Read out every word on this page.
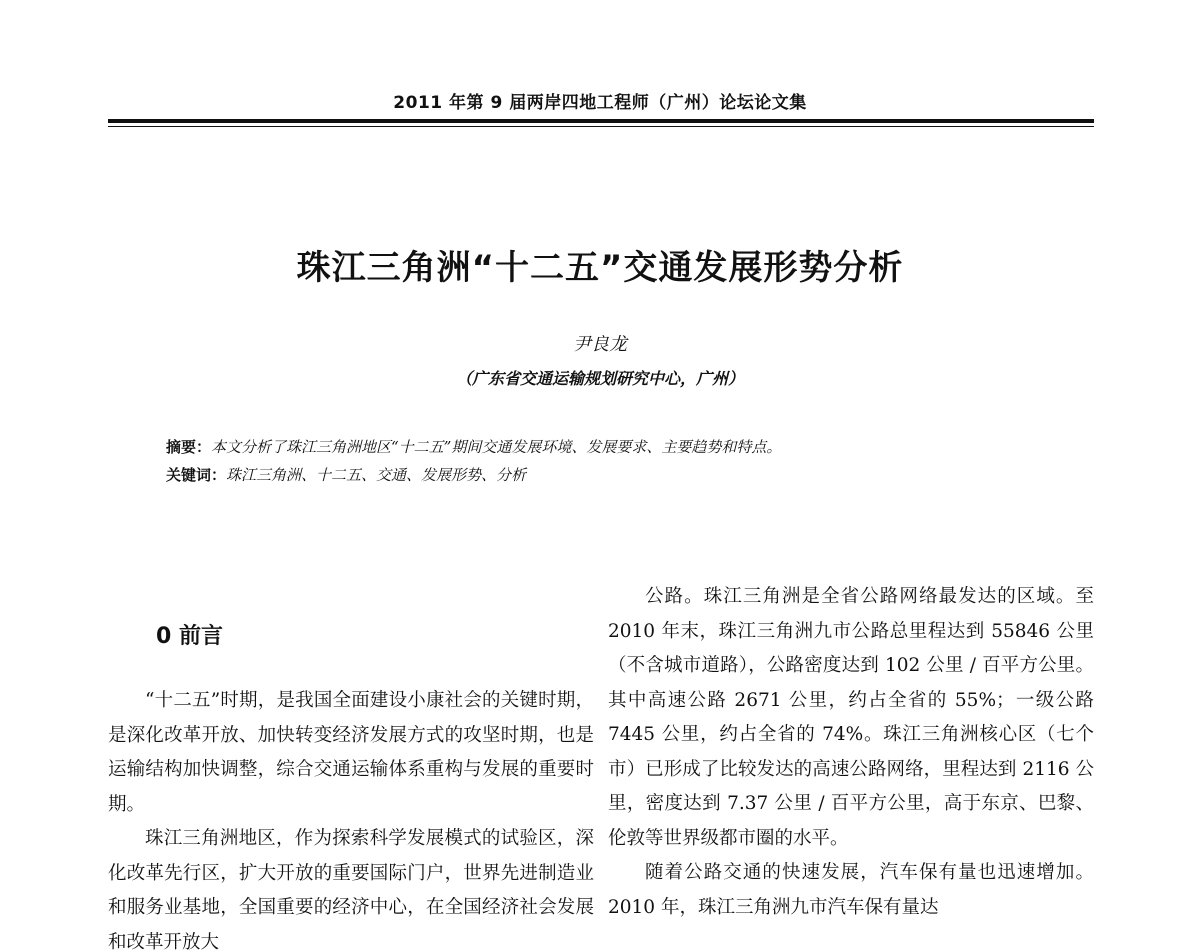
2011 年第 9 届两岸四地工程师（广州）论坛论文集
珠江三角洲“十二五”交通发展形势分析
尹良龙
（广东省交通运输规划研究中心，广州）
摘要：本文分析了珠江三角洲地区“十二五”期间交通发展环境、发展要求、主要趋势和特点。
关键词：珠江三角洲、十二五、交通、发展形势、分析
0 前言

“十二五”时期，是我国全面建设小康社会的关键时期，是深化改革开放、加快转变经济发展方式的攻坚时期，也是运输结构加快调整，综合交通运输体系重构与发展的重要时期。

珠江三角洲地区，作为探索科学发展模式的试验区，深化改革先行区，扩大开放的重要国际门户，世界先进制造业和服务业基地，全国重要的经济中心，在全国经济社会发展和改革开放大

公路。珠江三角洲是全省公路网络最发达的区域。至 2010 年末，珠江三角洲九市公路总里程达到 55846 公里（不含城市道路），公路密度达到 102 公里 / 百平方公里。其中高速公路 2671 公里，约占全省的 55%；一级公路 7445 公里，约占全省的 74%。珠江三角洲核心区（七个市）已形成了比较发达的高速公路网络，里程达到 2116 公里，密度达到 7.37 公里 / 百平方公里，高于东京、巴黎、伦敦等世界级都市圈的水平。

随着公路交通的快速发展，汽车保有量也迅速增加。2010 年，珠江三角洲九市汽车保有量达
